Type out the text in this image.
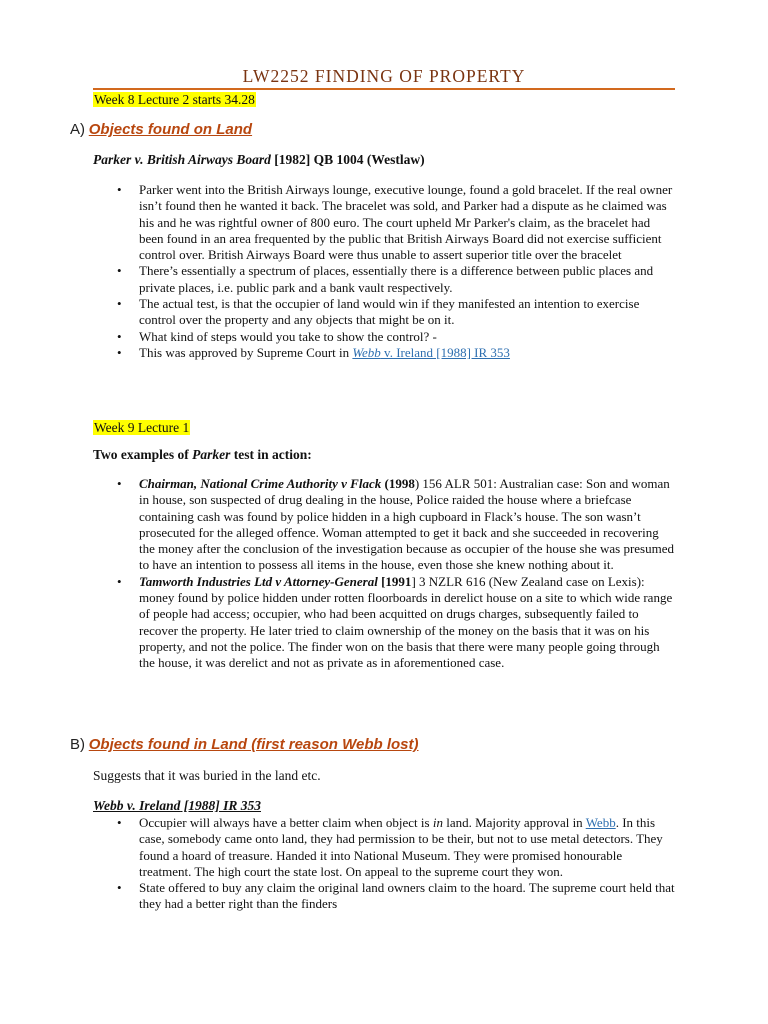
LW2252 FINDING OF PROPERTY
Week 8 Lecture 2 starts 34.28
A) Objects found on Land
Parker v. British Airways Board [1982] QB 1004 (Westlaw)
• Parker went into the British Airways lounge, executive lounge, found a gold bracelet. If the real owner isn’t found then he wanted it back. The bracelet was sold, and Parker had a dispute as he claimed was his and he was rightful owner of 800 euro. The court upheld Mr Parker's claim, as the bracelet had been found in an area frequented by the public that British Airways Board did not exercise sufficient control over. British Airways Board were thus unable to assert superior title over the bracelet
• There’s essentially a spectrum of places, essentially there is a difference between public places and private places, i.e. public park and a bank vault respectively.
• The actual test, is that the occupier of land would win if they manifested an intention to exercise control over the property and any objects that might be on it.
• What kind of steps would you take to show the control? -
• This was approved by Supreme Court in Webb v. Ireland [1988] IR 353
Week 9 Lecture 1
Two examples of Parker test in action:
• Chairman, National Crime Authority v Flack (1998) 156 ALR 501: Australian case: Son and woman in house, son suspected of drug dealing in the house, Police raided the house where a briefcase containing cash was found by police hidden in a high cupboard in Flack’s house. The son wasn’t prosecuted for the alleged offence. Woman attempted to get it back and she succeeded in recovering the money after the conclusion of the investigation because as occupier of the house she was presumed to have an intention to possess all items in the house, even those she knew nothing about it.
• Tamworth Industries Ltd v Attorney-General [1991] 3 NZLR 616 (New Zealand case on Lexis): money found by police hidden under rotten floorboards in derelict house on a site to which wide range of people had access; occupier, who had been acquitted on drugs charges, subsequently failed to recover the property. He later tried to claim ownership of the money on the basis that it was on his property, and not the police. The finder won on the basis that there were many people going through the house, it was derelict and not as private as in aforementioned case.
B) Objects found in Land (first reason Webb lost)
Suggests that it was buried in the land etc.
Webb v. Ireland [1988] IR 353
• Occupier will always have a better claim when object is in land. Majority approval in Webb. In this case, somebody came onto land, they had permission to be their, but not to use metal detectors. They found a hoard of treasure. Handed it into National Museum. They were promised honourable treatment. The high court the state lost. On appeal to the supreme court they won.
• State offered to buy any claim the original land owners claim to the hoard. The supreme court held that they had a better right than the finders
